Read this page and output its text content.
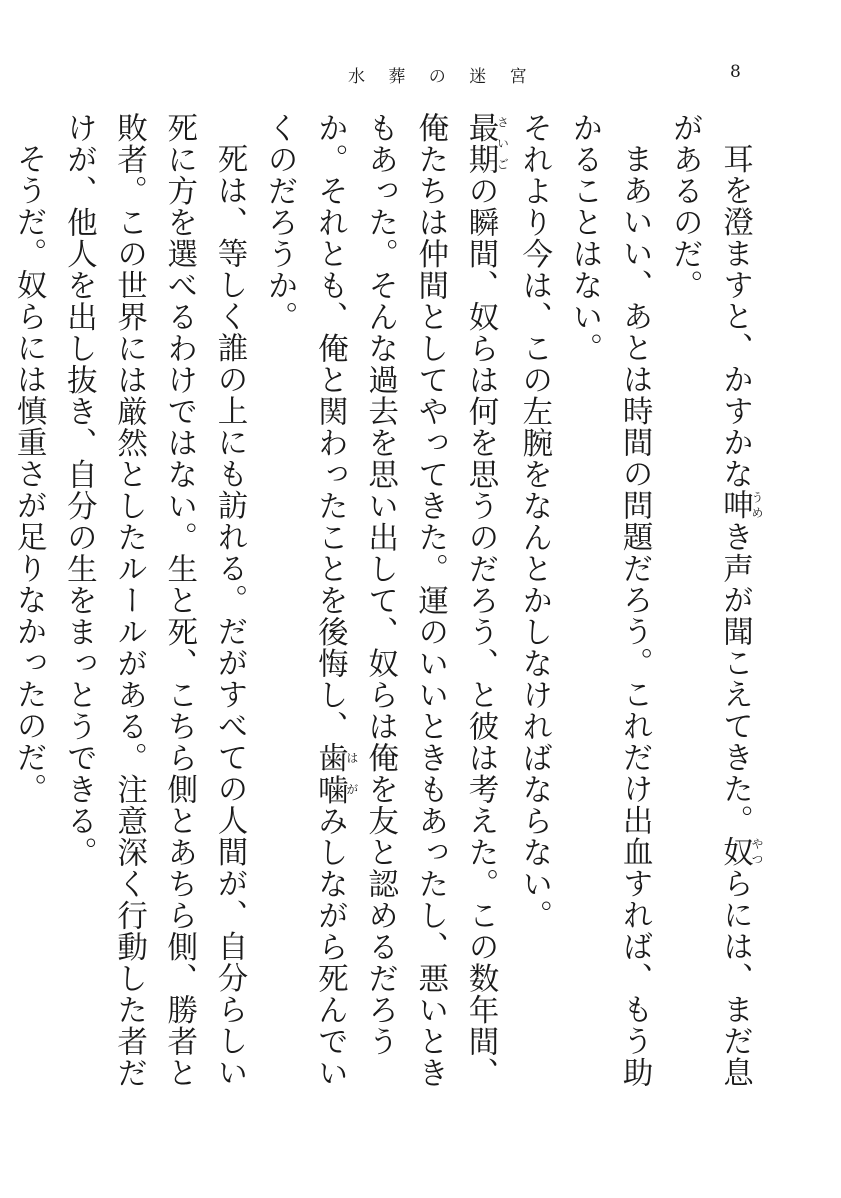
水 葬 の 迷 宮	8

耳を澄ますと、かすかな呻うめき声が聞こえてきた。奴やつらには、まだ息があるのだ。

まあいい、あとは時間の問題だろう。これだけ出血すれば、もう助かることはない。

それより今は、この左腕をなんとかしなければならない。

最期さいごの瞬間、奴らは何を思うのだろう、と彼は考えた。この数年間、俺たちは仲間としてやってきた。運のいいときもあったし、悪いときもあった。そんな過去を思い出して、奴らは俺を友と認めるだろうか。それとも、俺と関わったことを後悔し、歯は噛がみしながら死んでいくのだろうか。

死は、等しく誰の上にも訪れる。だがすべての人間が、自分らしい死に方を選べるわけではない。生と死、こちら側とあちら側、勝者と敗者。この世界には厳然としたルールがある。注意深く行動した者だけが、他人を出し抜き、自分の生をまっとうできる。

そうだ。奴らには慎重さが足りなかったのだ。
